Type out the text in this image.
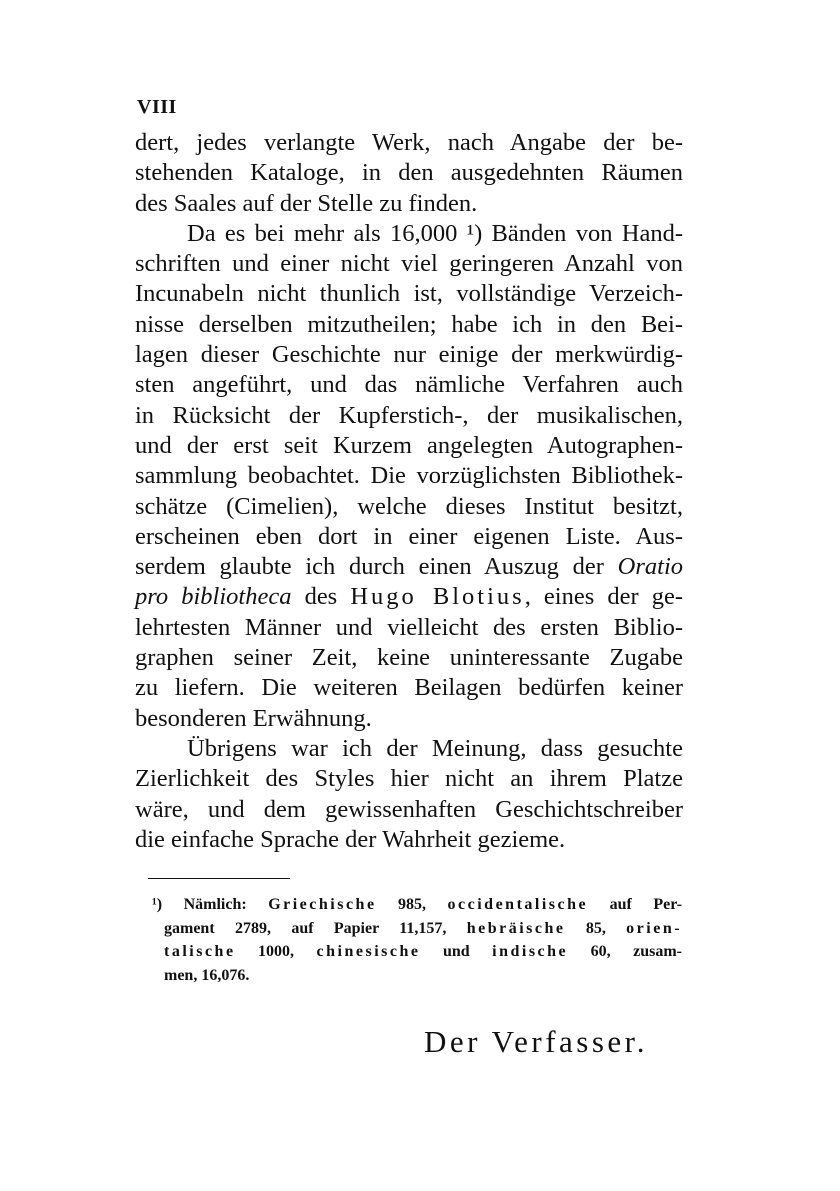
VIII
dert, jedes verlangte Werk, nach Angabe der be-
stehenden Kataloge, in den ausgedehnten Räumen
des Saales auf der Stelle zu finden.
Da es bei mehr als 16,000 ¹) Bänden von Hand-
schriften und einer nicht viel geringeren Anzahl von
Incunabeln nicht thunlich ist, vollständige Verzeich-
nisse derselben mitzutheilen; habe ich in den Bei-
lagen dieser Geschichte nur einige der merkwürdig-
sten angeführt, und das nämliche Verfahren auch
in Rücksicht der Kupferstich-, der musikalischen,
und der erst seit Kurzem angelegten Autographen-
sammlung beobachtet. Die vorzüglichsten Bibliothek-
schätze (Cimelien), welche dieses Institut besitzt,
erscheinen eben dort in einer eigenen Liste. Aus-
serdem glaubte ich durch einen Auszug der Oratio
pro bibliotheca des Hugo Blotius, eines der ge-
lehrtesten Männer und vielleicht des ersten Biblio-
graphen seiner Zeit, keine uninteressante Zugabe
zu liefern. Die weiteren Beilagen bedürfen keiner
besonderen Erwähnung.
Übrigens war ich der Meinung, dass gesuchte
Zierlichkeit des Styles hier nicht an ihrem Platze
wäre, und dem gewissenhaften Geschichtschreiber
die einfache Sprache der Wahrheit gezieme.
¹) Nämlich: Griechische 985, occidentalische auf Per-
gament 2789, auf Papier 11,157, hebräische 85, orien-
talische 1000, chinesische und indische 60, zusam-
men, 16,076.
Der Verfasser.
